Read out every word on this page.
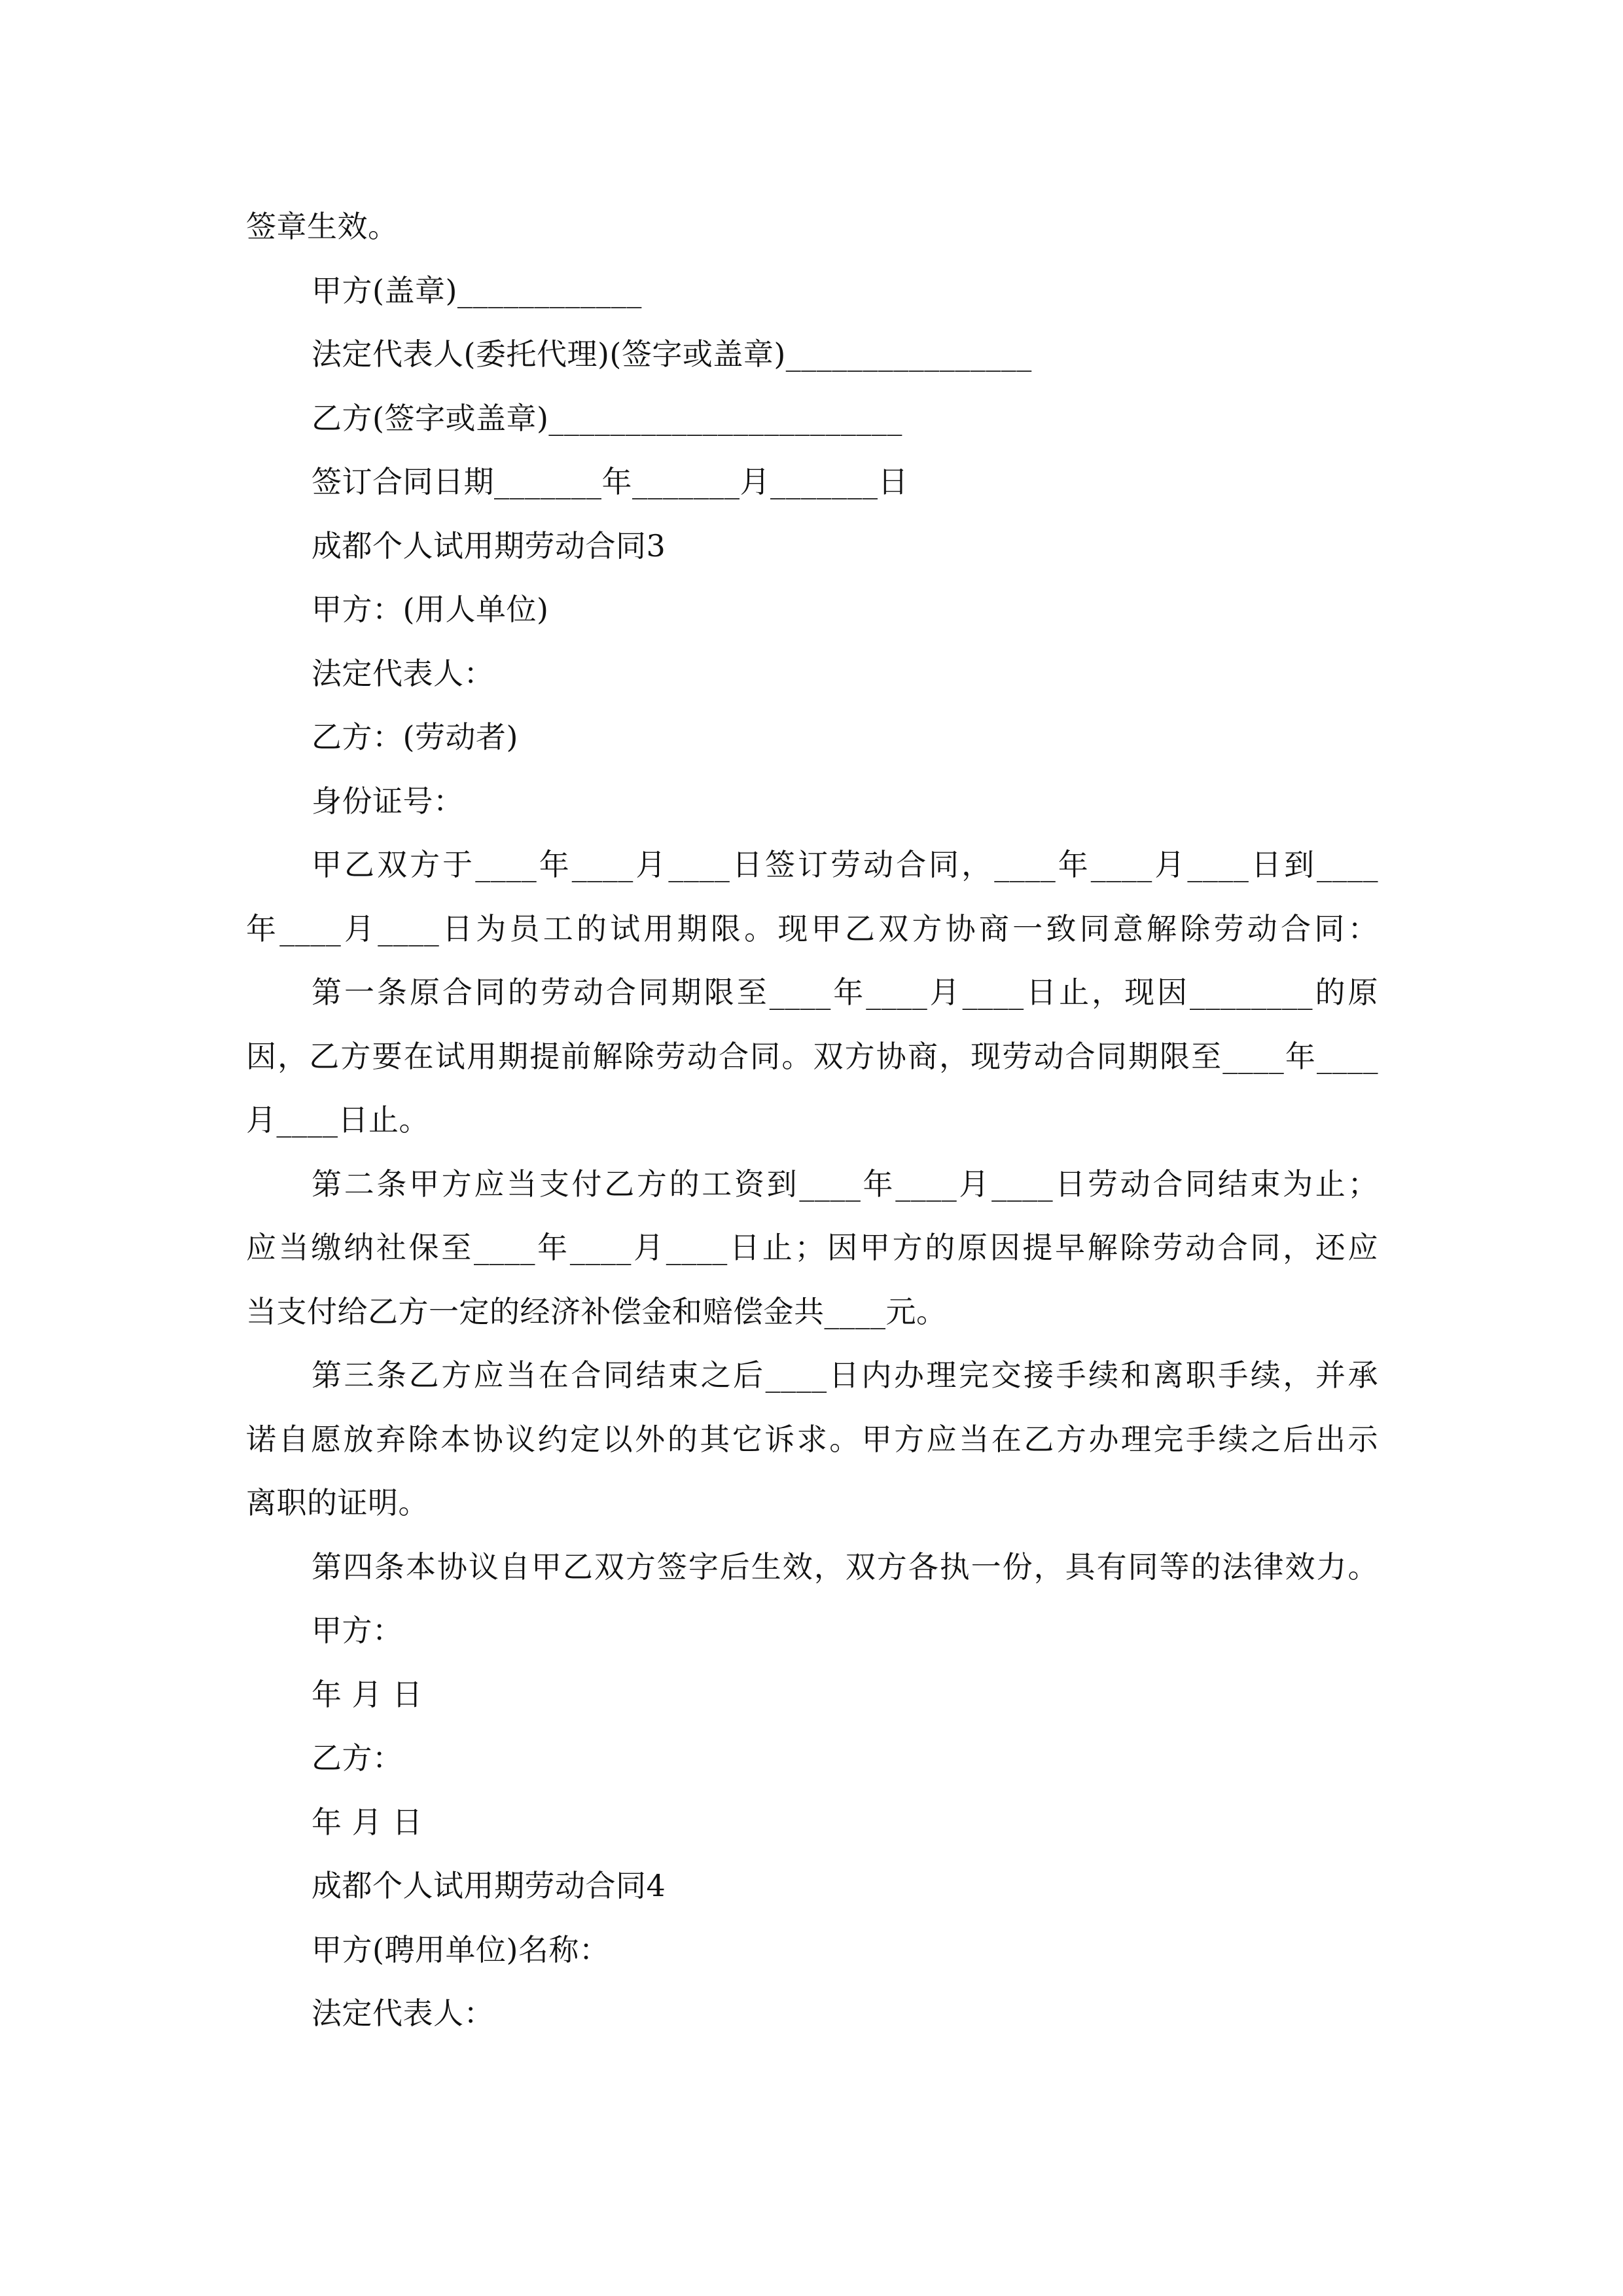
签章生效。
甲方(盖章)____________
法定代表人(委托代理)(签字或盖章)________________
乙方(签字或盖章)_______________________
签订合同日期_______年_______月_______日
成都个人试用期劳动合同3
甲方：(用人单位)
法定代表人：
乙方：(劳动者)
身份证号：
甲乙双方于____年____月____日签订劳动合同，____年____月____日到____
年____月____日为员工的试用期限。现甲乙双方协商一致同意解除劳动合同：
第一条原合同的劳动合同期限至____年____月____日止，现因________的原
因，乙方要在试用期提前解除劳动合同。双方协商，现劳动合同期限至____年____
月____日止。
第二条甲方应当支付乙方的工资到____年____月____日劳动合同结束为止；
应当缴纳社保至____年____月____日止；因甲方的原因提早解除劳动合同，还应
当支付给乙方一定的经济补偿金和赔偿金共____元。
第三条乙方应当在合同结束之后____日内办理完交接手续和离职手续，并承
诺自愿放弃除本协议约定以外的其它诉求。甲方应当在乙方办理完手续之后出示
离职的证明。
第四条本协议自甲乙双方签字后生效，双方各执一份，具有同等的法律效力。
甲方：
年 月 日
乙方：
年 月 日
成都个人试用期劳动合同4
甲方(聘用单位)名称：
法定代表人：
